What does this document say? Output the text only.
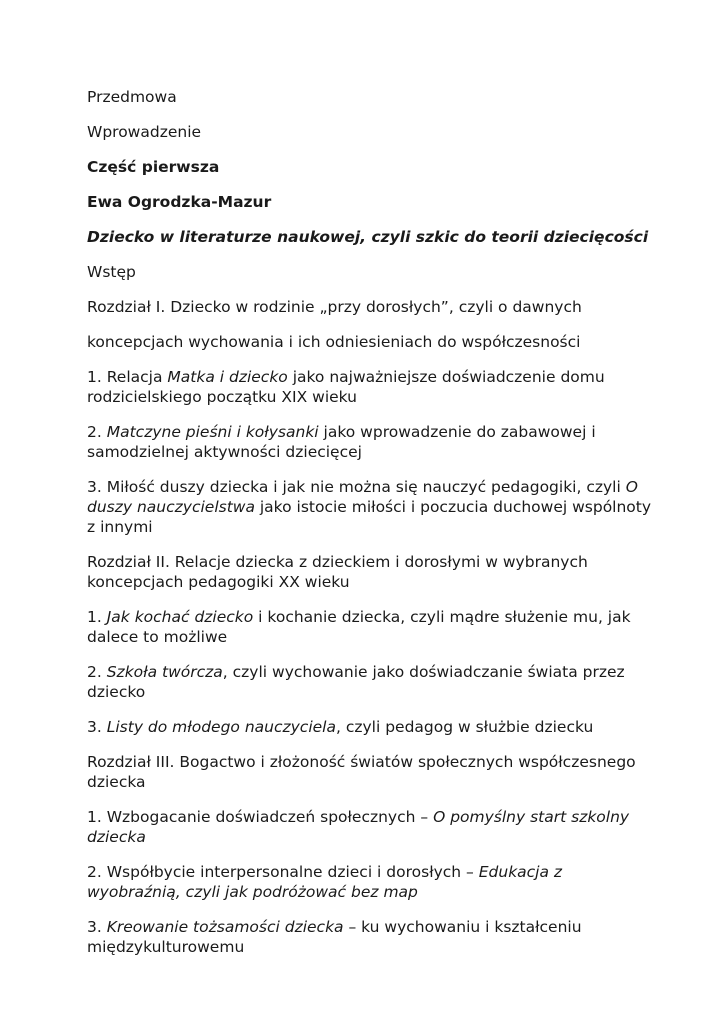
Przedmowa

Wprowadzenie

Część pierwsza

Ewa Ogrodzka-Mazur

Dziecko w literaturze naukowej, czyli szkic do teorii dziecięcości

Wstęp

Rozdział I. Dziecko w rodzinie „przy dorosłych”, czyli o dawnych

koncepcjach wychowania i ich odniesieniach do współczesności

1. Relacja Matka i dziecko jako najważniejsze doświadczenie domu rodzicielskiego początku XIX wieku

2. Matczyne pieśni i kołysanki jako wprowadzenie do zabawowej i samodzielnej aktywności dziecięcej

3. Miłość duszy dziecka i jak nie można się nauczyć pedagogiki, czyli O duszy nauczycielstwa jako istocie miłości i poczucia duchowej wspólnoty z innymi

Rozdział II. Relacje dziecka z dzieckiem i dorosłymi w wybranych koncepcjach pedagogiki XX wieku

1. Jak kochać dziecko i kochanie dziecka, czyli mądre służenie mu, jak dalece to możliwe

2. Szkoła twórcza, czyli wychowanie jako doświadczanie świata przez dziecko

3. Listy do młodego nauczyciela, czyli pedagog w służbie dziecku

Rozdział III. Bogactwo i złożoność światów społecznych współczesnego dziecka

1. Wzbogacanie doświadczeń społecznych – O pomyślny start szkolny dziecka

2. Współbycie interpersonalne dzieci i dorosłych – Edukacja z wyobraźnią, czyli jak podróżować bez map

3. Kreowanie tożsamości dziecka – ku wychowaniu i kształceniu międzykulturowemu
